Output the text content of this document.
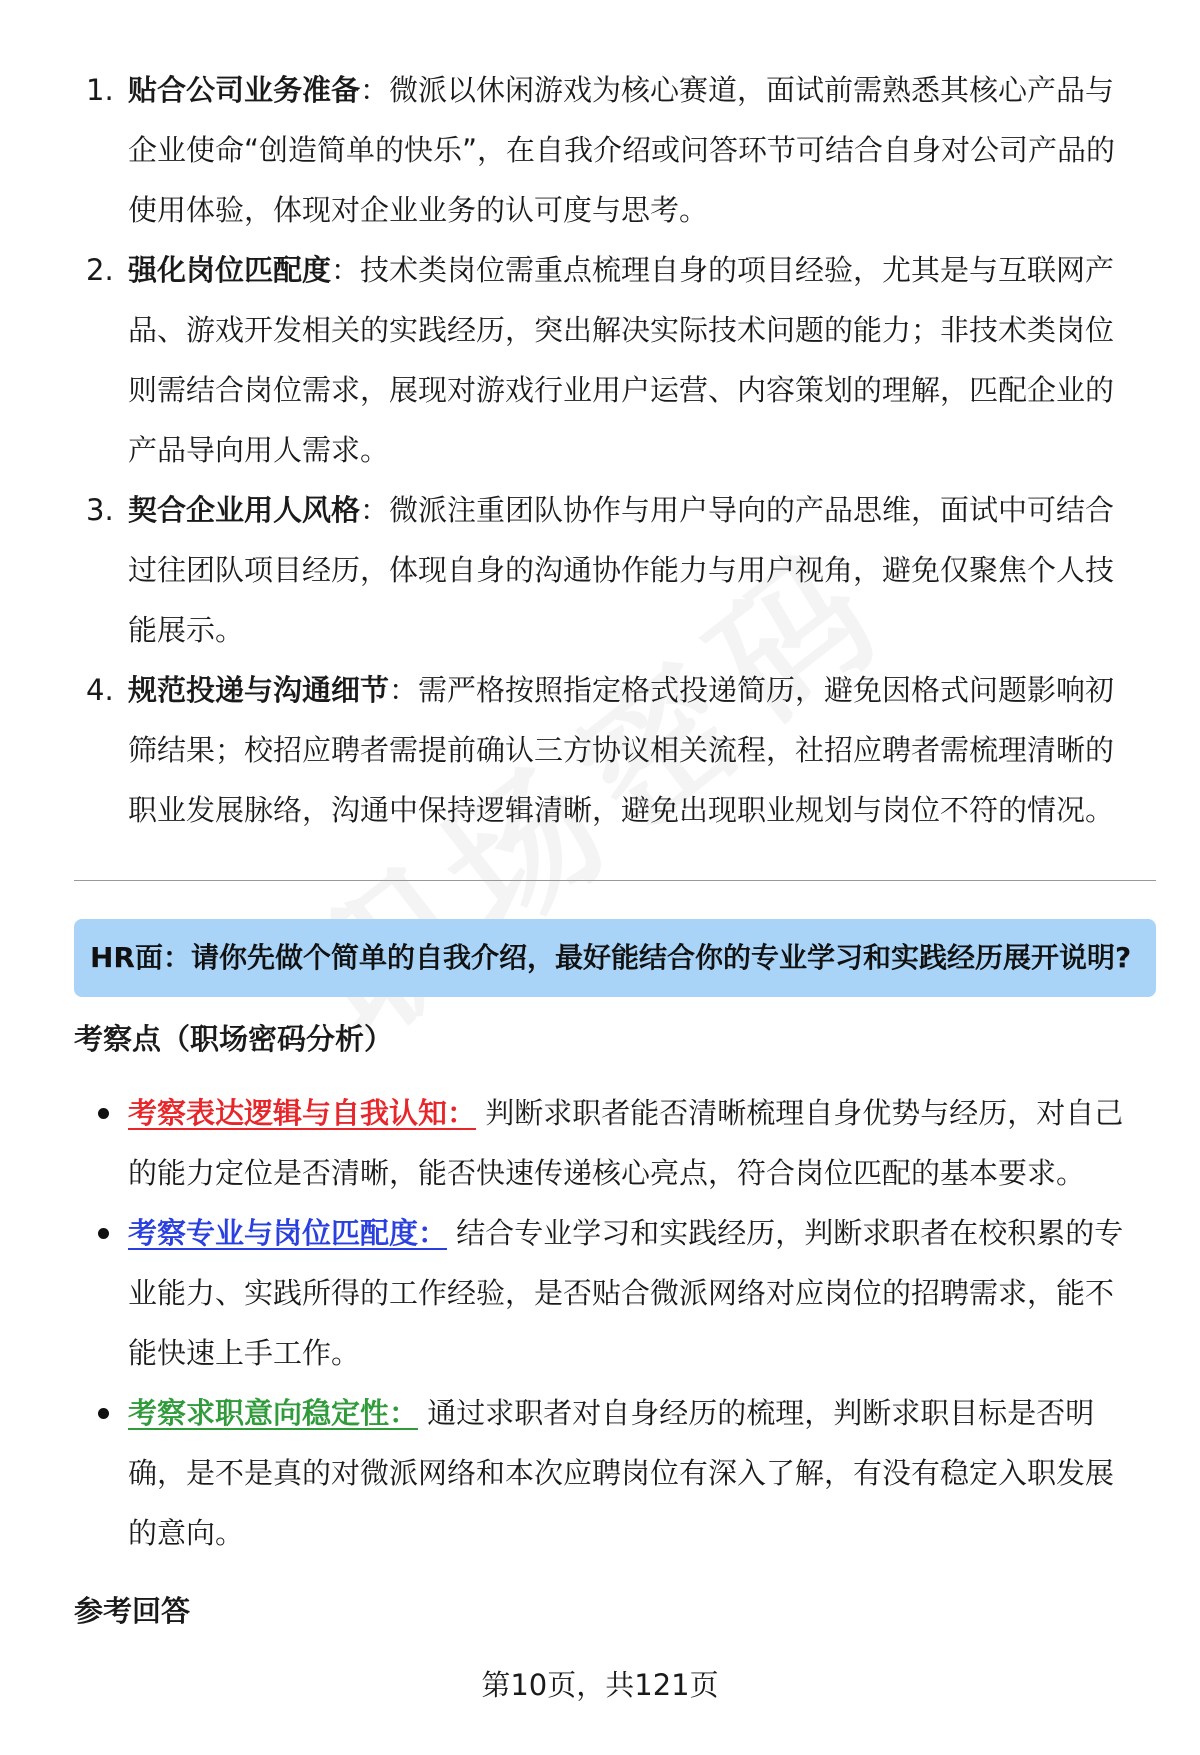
1. 贴合公司业务准备：微派以休闲游戏为核心赛道，面试前需熟悉其核心产品与企业使命“创造简单的快乐”，在自我介绍或问答环节可结合自身对公司产品的使用体验，体现对企业业务的认可度与思考。
2. 强化岗位匹配度：技术类岗位需重点梳理自身的项目经验，尤其是与互联网产品、游戏开发相关的实践经历，突出解决实际技术问题的能力；非技术类岗位则需结合岗位需求，展现对游戏行业用户运营、内容策划的理解，匹配企业的产品导向用人需求。
3. 契合企业用人风格：微派注重团队协作与用户导向的产品思维，面试中可结合过往团队项目经历，体现自身的沟通协作能力与用户视角，避免仅聚焦个人技能展示。
4. 规范投递与沟通细节：需严格按照指定格式投递简历，避免因格式问题影响初筛结果；校招应聘者需提前确认三方协议相关流程，社招应聘者需梳理清晰的职业发展脉络，沟通中保持逻辑清晰，避免出现职业规划与岗位不符的情况。
HR面：请你先做个简单的自我介绍，最好能结合你的专业学习和实践经历展开说明?
考察点（职场密码分析）
考察表达逻辑与自我认知： 判断求职者能否清晰梳理自身优势与经历，对自己的能力定位是否清晰，能否快速传递核心亮点，符合岗位匹配的基本要求。
考察专业与岗位匹配度： 结合专业学习和实践经历，判断求职者在校积累的专业能力、实践所得的工作经验，是否贴合微派网络对应岗位的招聘需求，能不能快速上手工作。
考察求职意向稳定性： 通过求职者对自身经历的梳理，判断求职目标是否明确，是不是真的对微派网络和本次应聘岗位有深入了解，有没有稳定入职发展的意向。
参考回答
第10页，共121页
